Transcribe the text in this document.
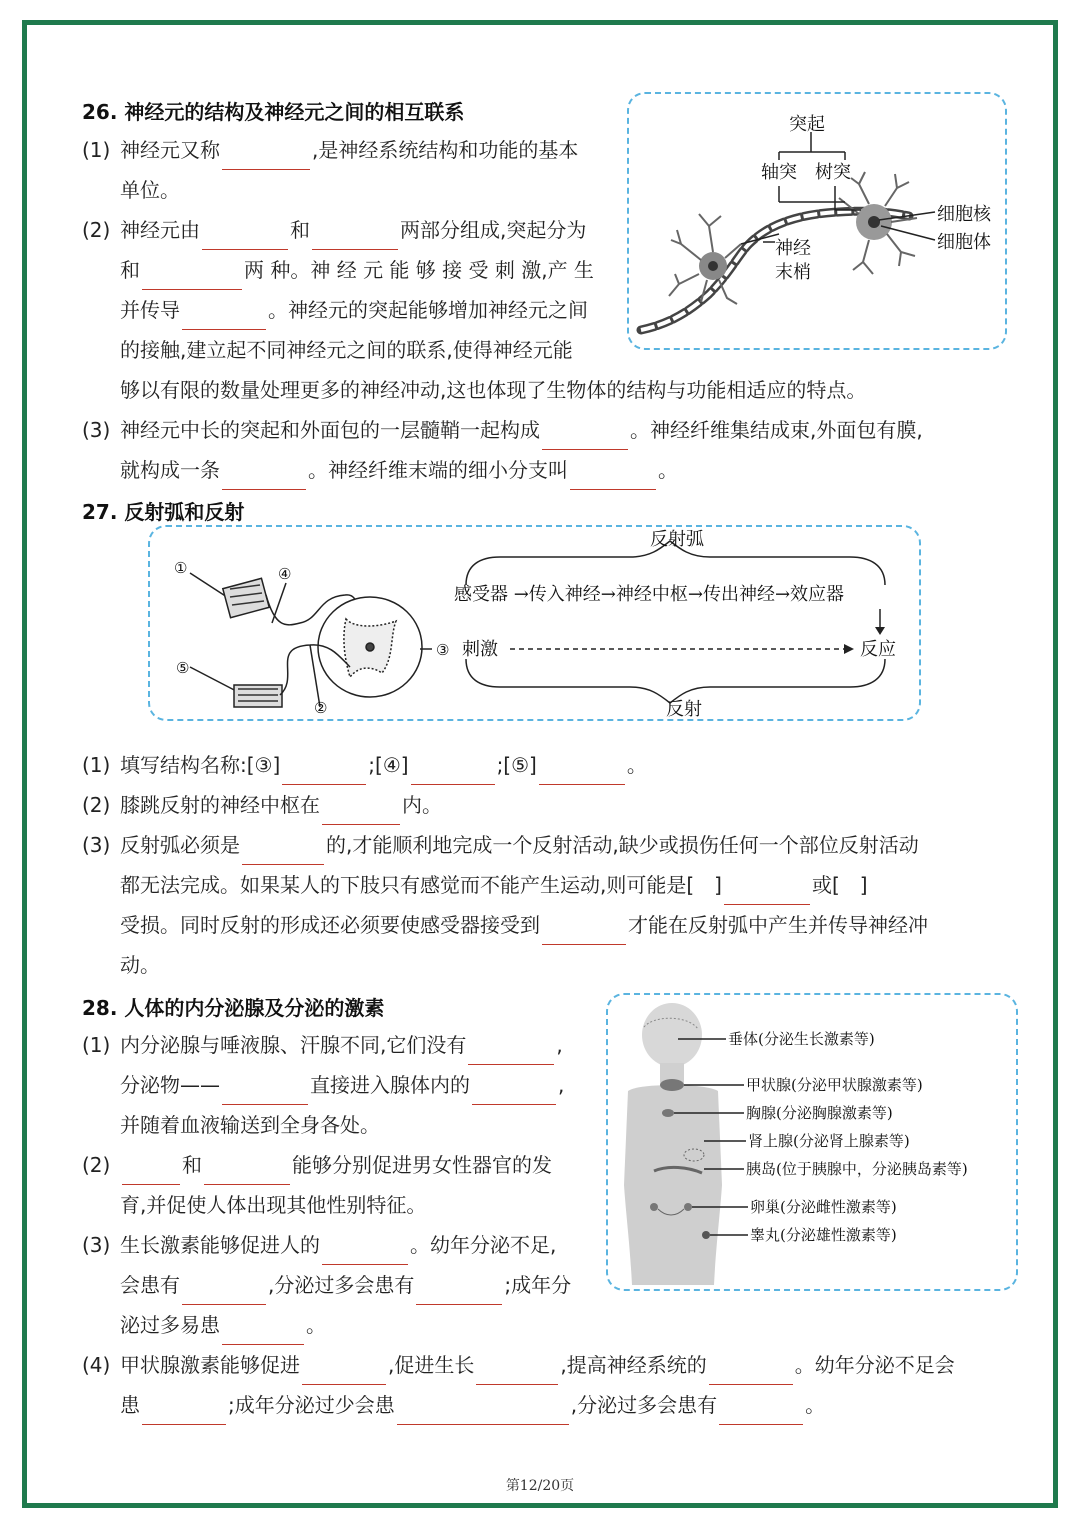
26. 神经元的结构及神经元之间的相互联系
(1) 神经元又称	,是神经系统结构和功能的基本
单位。
(2) 神经元由	和	两部分组成,突起分为
和	两 种。神 经 元 能 够 接 受 刺 激,产 生
并传导	。神经元的突起能够增加神经元之间
的接触,建立起不同神经元之间的联系,使得神经元能
够以有限的数量处理更多的神经冲动,这也体现了生物体的结构与功能相适应的特点。
(3) 神经元中长的突起和外面包的一层髓鞘一起构成	。神经纤维集结成束,外面包有膜,
就构成一条	。神经纤维末端的细小分支叫	。
突起
轴突 树突
细胞核
细胞体
神经
末梢
27. 反射弧和反射
①	④
⑤
②
③ 刺激
反射弧
反射
感受器 →传入神经→神经中枢→传出神经→效应器
反应
(1) 填写结构名称:[③]	;[④]	;[⑤]	。
(2) 膝跳反射的神经中枢在	内。
(3) 反射弧必须是	的,才能顺利地完成一个反射活动,缺少或损伤任何一个部位反射活动
都无法完成。如果某人的下肢只有感觉而不能产生运动,则可能是[　]	或[　]
受损。同时反射的形成还必须要使感受器接受到	才能在反射弧中产生并传导神经冲
动。
28. 人体的内分泌腺及分泌的激素
(1) 内分泌腺与唾液腺、汗腺不同,它们没有	,
分泌物——	直接进入腺体内的	,
并随着血液输送到全身各处。
(2)	和	能够分别促进男女性器官的发
育,并促使人体出现其他性别特征。
(3) 生长激素能够促进人的	。幼年分泌不足,
会患有	,分泌过多会患有	;成年分
泌过多易患	。
(4) 甲状腺激素能够促进	,促进生长	,提高神经系统的	。幼年分泌不足会
患	;成年分泌过少会患	,分泌过多会患有	。
垂体(分泌生长激素等)
甲状腺(分泌甲状腺激素等)
胸腺(分泌胸腺激素等)
肾上腺(分泌肾上腺素等)
胰岛(位于胰腺中，分泌胰岛素等)
卵巢(分泌雌性激素等)
睾丸(分泌雄性激素等)
第12/20页
